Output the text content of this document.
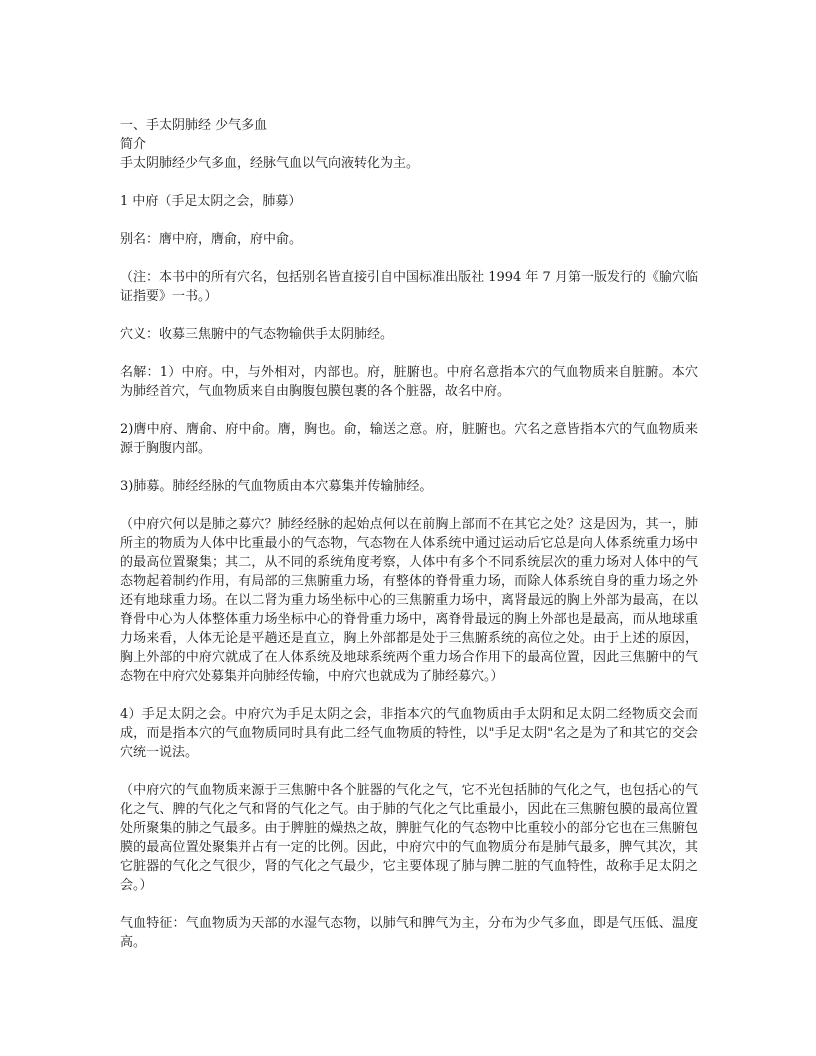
一、手太阴肺经 少气多血

简介

手太阴肺经少气多血，经脉气血以气向液转化为主。

1 中府（手足太阴之会，肺募）

别名：膺中府，膺俞，府中俞。

（注：本书中的所有穴名，包括别名皆直接引自中国标准出版社 1994 年 7 月第一版发行的《腧穴临证指要》一书。）

穴义：收募三焦腑中的气态物输供手太阴肺经。

名解：1）中府。中，与外相对，内部也。府，脏腑也。中府名意指本穴的气血物质来自脏腑。本穴为肺经首穴，气血物质来自由胸腹包膜包裹的各个脏器，故名中府。

2)膺中府、膺俞、府中俞。膺，胸也。俞，输送之意。府，脏腑也。穴名之意皆指本穴的气血物质来源于胸腹内部。

3)肺募。肺经经脉的气血物质由本穴募集并传输肺经。

（中府穴何以是肺之募穴？肺经经脉的起始点何以在前胸上部而不在其它之处？这是因为，其一，肺所主的物质为人体中比重最小的气态物，气态物在人体系统中通过运动后它总是向人体系统重力场中的最高位置聚集；其二，从不同的系统角度考察，人体中有多个不同系统层次的重力场对人体中的气态物起着制约作用，有局部的三焦腑重力场，有整体的脊骨重力场，而除人体系统自身的重力场之外还有地球重力场。在以二肾为重力场坐标中心的三焦腑重力场中，离肾最远的胸上外部为最高，在以脊骨中心为人体整体重力场坐标中心的脊骨重力场中，离脊骨最远的胸上外部也是最高，而从地球重力场来看，人体无论是平趟还是直立，胸上外部都是处于三焦腑系统的高位之处。由于上述的原因，胸上外部的中府穴就成了在人体系统及地球系统两个重力场合作用下的最高位置，因此三焦腑中的气态物在中府穴处募集并向肺经传输，中府穴也就成为了肺经募穴。）

4）手足太阴之会。中府穴为手足太阴之会，非指本穴的气血物质由手太阴和足太阴二经物质交会而成，而是指本穴的气血物质同时具有此二经气血物质的特性，以"手足太阴"名之是为了和其它的交会穴统一说法。

（中府穴的气血物质来源于三焦腑中各个脏器的气化之气，它不光包括肺的气化之气，也包括心的气化之气、脾的气化之气和肾的气化之气。由于肺的气化之气比重最小，因此在三焦腑包膜的最高位置处所聚集的肺之气最多。由于脾脏的燥热之故，脾脏气化的气态物中比重较小的部分它也在三焦腑包膜的最高位置处聚集并占有一定的比例。因此，中府穴中的气血物质分布是肺气最多，脾气其次，其它脏器的气化之气很少，肾的气化之气最少，它主要体现了肺与脾二脏的气血特性，故称手足太阴之会。）

气血特征：气血物质为天部的水湿气态物，以肺气和脾气为主，分布为少气多血，即是气压低、温度高。
